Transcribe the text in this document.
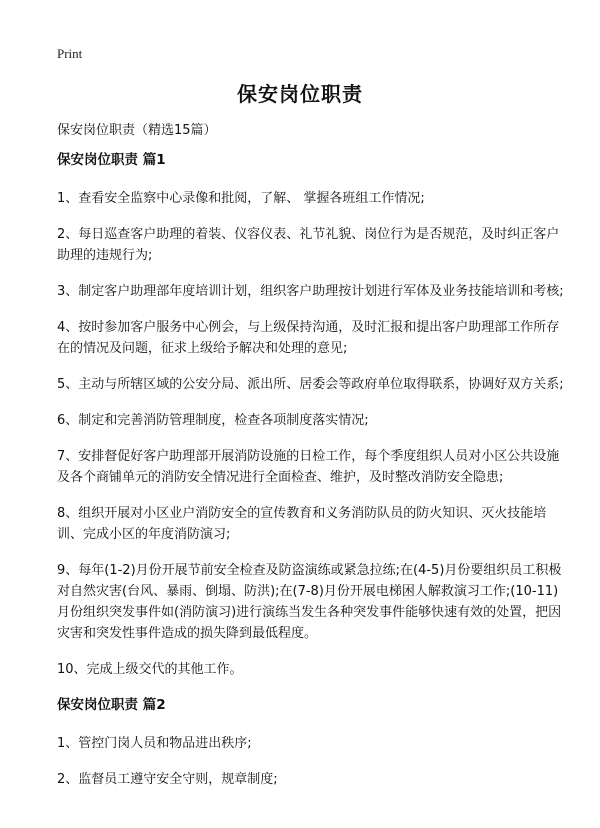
Print
保安岗位职责

保安岗位职责（精选15篇）

保安岗位职责 篇1

1、查看安全监察中心录像和批阅，了解、 掌握各班组工作情况;

2、每日巡查客户助理的着装、仪容仪表、礼节礼貌、岗位行为是否规范，及时纠正客户助理的违规行为;

3、制定客户助理部年度培训计划，组织客户助理按计划进行军体及业务技能培训和考核;

4、按时参加客户服务中心例会，与上级保持沟通，及时汇报和提出客户助理部工作所存在的情况及问题，征求上级给予解决和处理的意见;

5、主动与所辖区域的公安分局、派出所、居委会等政府单位取得联系，协调好双方关系;

6、制定和完善消防管理制度，检查各项制度落实情况;

7、安排督促好客户助理部开展消防设施的日检工作，每个季度组织人员对小区公共设施及各个商铺单元的消防安全情况进行全面检查、维护，及时整改消防安全隐患;

8、组织开展对小区业户消防安全的宣传教育和义务消防队员的防火知识、灭火技能培训、完成小区的年度消防演习;

9、每年(1-2)月份开展节前安全检查及防盗演练或紧急拉练;在(4-5)月份要组织员工积极对自然灾害(台风、暴雨、倒塌、防洪);在(7-8)月份开展电梯困人解救演习工作;(10-11)月份组织突发事件如(消防演习)进行演练当发生各种突发事件能够快速有效的处置，把因灾害和突发性事件造成的损失降到最低程度。

10、完成上级交代的其他工作。

保安岗位职责 篇2

1、管控门岗人员和物品进出秩序;

2、监督员工遵守安全守则，规章制度;
